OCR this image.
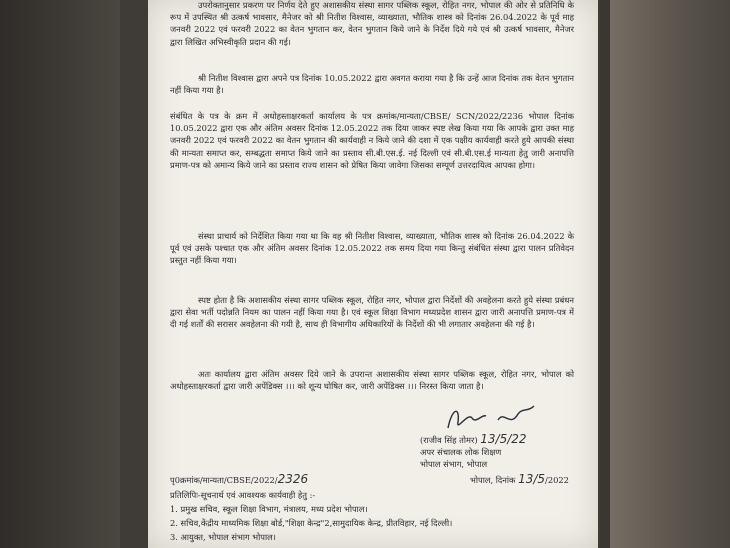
उपरोक्तानुसार प्रकरण पर निर्णय देते हुए अशासकीय संस्था सागर पब्लिक स्कूल, रोहित नगर, भोपाल की ओर से प्रतिनिधि के रूप में उपस्थित श्री उत्कर्ष भावसार, मैनेजर को श्री नितीश विश्वास, व्याख्याता, भौतिक शास्त्र को दिनांक 26.04.2022 के पूर्व माह जनवरी 2022 एवं फरवरी 2022 का वेतन भुगतान कर, वेतन भुगतान किये जाने के निर्देश दिये गये एवं श्री उत्कर्ष भावसार, मैनेजर द्वारा लिखित अभिस्वीकृति प्रदान की गई।
श्री नितीश विश्वास द्वारा अपने पत्र दिनांक 10.05.2022 द्वारा अवगत कराया गया है कि उन्हें आज दिनांक तक वेतन भुगतान नहीं किया गया है।
संबंधित के पत्र के क्रम में अधोहस्ताक्षरकर्ता कार्यालय के पत्र क्रमांक/मान्यता/CBSE/ SCN/2022/2236 भोपाल दिनांक 10.05.2022 द्वारा एक और अंतिम अवसर दिनांक 12.05.2022 तक दिया जाकर स्पष्ट लेख किया गया कि आपके द्वारा उक्त माह जनवरी 2022 एवं फरवरी 2022 का वेतन भुगतान की कार्यवाही न किये जाने की दशा में एक पक्षीय कार्यवाही करते हुये आपकी संस्था की मान्यता समाप्त कर, सम्बद्धता समाप्त किये जाने का प्रस्ताव सी.बी.एस.ई. नई दिल्ली एवं सी.बी.एस.ई मान्यता हेतु जारी अनापत्ति प्रमाण-पत्र को अमान्य किये जाने का प्रस्ताव राज्य शासन को प्रेषित किया जावेगा जिसका सम्पूर्ण उत्तरदायित्व आपका होगा।
संस्था प्राचार्य को निर्देशित किया गया था कि वह श्री नितीश विश्वास, व्याख्याता, भौतिक शास्त्र को दिनांक 26.04.2022 के पूर्व एवं उसके पश्चात एक और अंतिम अवसर दिनांक 12.05.2022 तक समय दिया गया किन्तु संबंधित संस्था द्वारा पालन प्रतिवेदन प्रस्तुत नहीं किया गया।
स्पष्ट होता है कि अशासकीय संस्था सागर पब्लिक स्कूल, रोहित नगर, भोपाल द्वारा निर्देशों की अवहेलना करते हुये संस्था प्रबंधन द्वारा सेवा भर्ती पदोन्नति नियम का पालन नहीं किया गया है। एवं स्कूल शिक्षा विभाग मध्यप्रदेश शासन द्वारा जारी अनापत्ति प्रमाण-पत्र में दी गई शर्तों की सरासर अवहेलना की गयी है, साथ ही विभागीय अधिकारियों के निर्देशों की भी लगातार अवहेलना की गई है।
अतः कार्यालय द्वारा अंतिम अवसर दिये जाने के उपरान्त अशासकीय संस्था सागर पब्लिक स्कूल, रोहित नगर, भोपाल को अधोहस्ताक्षरकर्ता द्वारा जारी अपेंडिक्स ।।। को शून्य घोषित कर, जारी अपेंडिक्स ।।। निरस्त किया जाता है।
(राजीव सिंह तोमर) 13/5/22
अपर संचालक लोक शिक्षण
भोपाल संभाग, भोपाल
पृ0क्रमांक/मान्यता/CBSE/2022/2326	भोपाल, दिनांक 13/5/2022
प्रतिलिपिः-सूचनार्थ एवं आवश्यक कार्यवाही हेतु :-
1. प्रमुख सचिव, स्कूल शिक्षा विभाग, मंत्रालय, मध्य प्रदेश भोपाल।
2. सचिव,केंद्रीय माध्यमिक शिक्षा बोर्ड,"शिक्षा केन्द्र"2,सामुदायिक केन्द्र, प्रीतविहार, नई दिल्ली।
3. आयुक्त, भोपाल संभाग भोपाल।
